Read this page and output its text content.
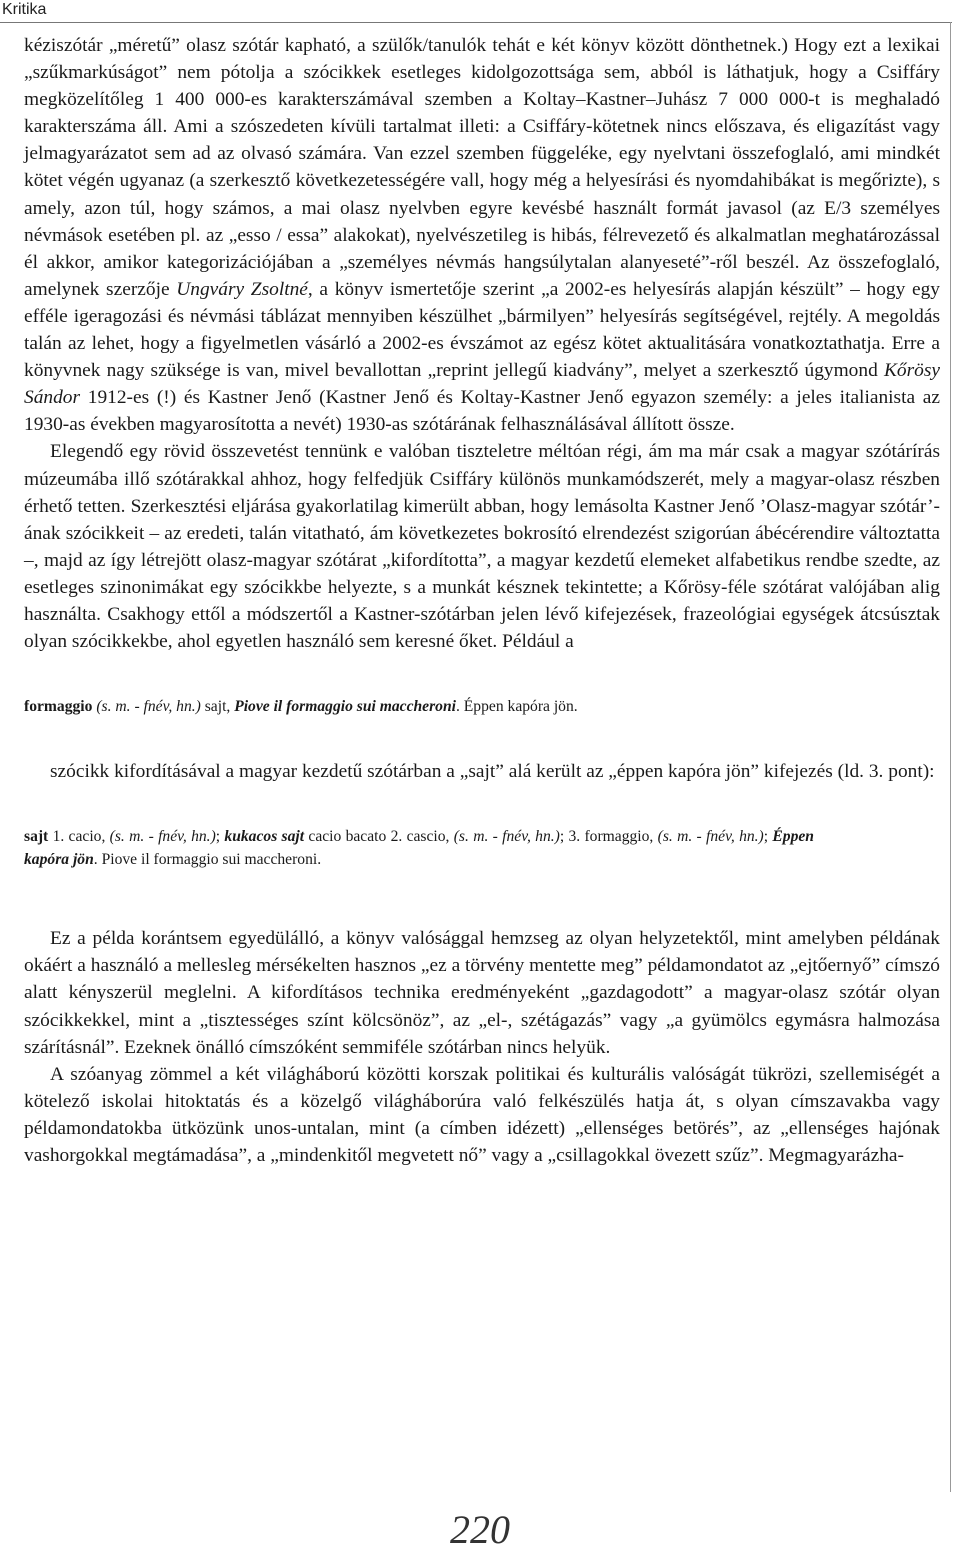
Kritika

kéziszótár „méretű” olasz szótár kapható, a szülők/tanulók tehát e két könyv között dönthetnek.) Hogy ezt a lexikai „szűkmarkúságot” nem pótolja a szócikkek esetleges kidolgozottsága sem, abból is láthatjuk, hogy a Csiffáry megközelítőleg 1 400 000-es karakterszámával szemben a Koltay–Kastner–Juhász 7 000 000-t is meghaladó karakterszáma áll. Ami a szószedeten kívüli tartalmat illeti: a Csiffáry-kötetnek nincs előszava, és eligazítást vagy jelmagyarázatot sem ad az olvasó számára. Van ezzel szemben függeléke, egy nyelvtani összefoglaló, ami mindkét kötet végén ugyanaz (a szerkesztő következetességére vall, hogy még a helyesírási és nyomdahibákat is megőrizte), s amely, azon túl, hogy számos, a mai olasz nyelvben egyre kevésbé használt formát javasol (az E/3 személyes névmások esetében pl. az „esso / essa” alakokat), nyelvészetileg is hibás, félrevezető és alkalmatlan meghatározással él akkor, amikor kategorizációjában a „személyes névmás hangsúlytalan alanyeseté”-ről beszél. Az összefoglaló, amelynek szerzője Ungváry Zsoltné, a könyv ismertetője szerint „a 2002-es helyesírás alapján készült” – hogy egy efféle igeragozási és névmási táblázat mennyiben készülhet „bármilyen” helyesírás segítségével, rejtély. A megoldás talán az lehet, hogy a figyelmetlen vásárló a 2002-es évszámot az egész kötet aktualitására vonatkoztathatja. Erre a könyvnek nagy szüksége is van, mivel bevallottan „reprint jellegű kiadvány”, melyet a szerkesztő úgymond Kőrösy Sándor 1912-es (!) és Kastner Jenő (Kastner Jenő és Koltay-Kastner Jenő egyazon személy: a jeles italianista az 1930-as években magyarosította a nevét) 1930-as szótárának felhasználásával állított össze.

Elegendő egy rövid összevetést tennünk e valóban tiszteletre méltóan régi, ám ma már csak a magyar szótárírás múzeumába illő szótárakkal ahhoz, hogy felfedjük Csiffáry különös munkamódszerét, mely a magyar-olasz részben érhető tetten. Szerkesztési eljárása gyakorlatilag kimerült abban, hogy lemásolta Kastner Jenő ’Olasz-magyar szótár’-ának szócikkeit – az eredeti, talán vitatható, ám következetes bokrosító elrendezést szigorúan ábécérendire változtatta –, majd az így létrejött olasz-magyar szótárat „kifordította”, a magyar kezdetű elemeket alfabetikus rendbe szedte, az esetleges szinonimákat egy szócikkbe helyezte, s a munkát késznek tekintette; a Kőrösy-féle szótárat valójában alig használta. Csakhogy ettől a módszertől a Kastner-szótárban jelen lévő kifejezések, frazeológiai egységek átcsúsztak olyan szócikkekbe, ahol egyetlen használó sem keresné őket. Például a

formaggio (s. m. - fnév, hn.) sajt, Piove il formaggio sui maccheroni. Éppen kapóra jön.

szócikk kifordításával a magyar kezdetű szótárban a „sajt” alá került az „éppen kapóra jön” kifejezés (ld. 3. pont):

sajt 1. cacio, (s. m. - fnév, hn.); kukacos sajt cacio bacato 2. cascio, (s. m. - fnév, hn.); 3. formaggio, (s. m. - fnév, hn.); Éppen kapóra jön. Piove il formaggio sui maccheroni.

Ez a példa korántsem egyedülálló, a könyv valósággal hemzseg az olyan helyzetektől, mint amelyben példának okáért a használó a mellesleg mérsékelten hasznos „ez a törvény mentette meg” példamondatot az „ejtőernyő” címszó alatt kényszerül meglelni. A kifordításos technika eredményeként „gazdagodott” a magyar-olasz szótár olyan szócikkekkel, mint a „tisztességes színt kölcsönöz”, az „el-, szétágazás” vagy „a gyümölcs egymásra halmozása szárításnál”. Ezeknek önálló címszóként semmiféle szótárban nincs helyük.

A szóanyag zömmel a két világháború közötti korszak politikai és kulturális valóságát tükrözi, szellemiségét a kötelező iskolai hitoktatás és a közelgő világháborúra való felkészülés hatja át, s olyan címszavakba vagy példamondatokba ütközünk unos-untalan, mint (a címben idézett) „ellenséges betörés”, az „ellenséges hajónak vashorgokkal megtámadása”, a „mindenkitől megvetett nő” vagy a „csillagokkal övezett szűz”. Megmagyarázha-

220
